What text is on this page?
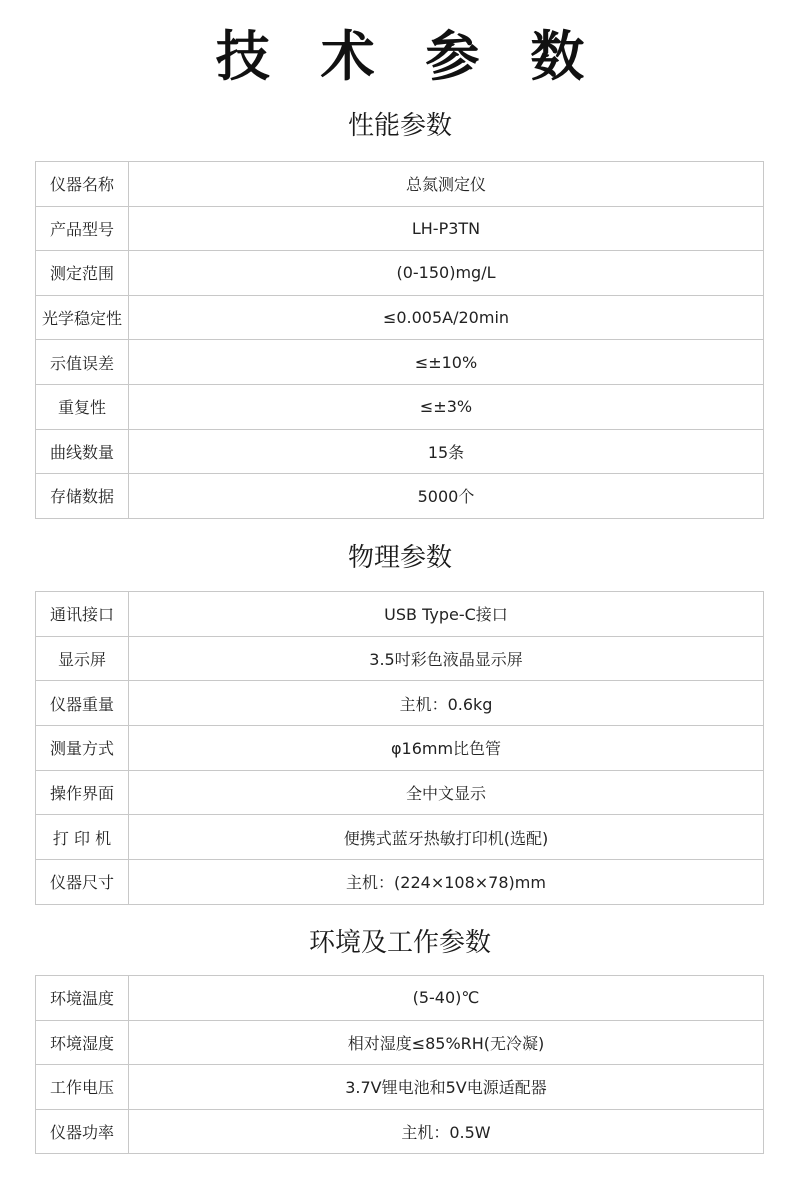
技 术 参 数
性能参数
仪器名称	总氮测定仪
产品型号	LH-P3TN
测定范围	(0-150)mg/L
光学稳定性	≤0.005A/20min
示值误差	≤±10%
重复性	≤±3%
曲线数量	15条
存储数据	5000个
物理参数
通讯接口	USB Type-C接口
显示屏	3.5吋彩色液晶显示屏
仪器重量	主机：0.6kg
测量方式	φ16mm比色管
操作界面	全中文显示
打 印 机	便携式蓝牙热敏打印机(选配)
仪器尺寸	主机：(224×108×78)mm
环境及工作参数
环境温度	(5-40)℃
环境湿度	相对湿度≤85%RH(无冷凝)
工作电压	3.7V锂电池和5V电源适配器
仪器功率	主机：0.5W
